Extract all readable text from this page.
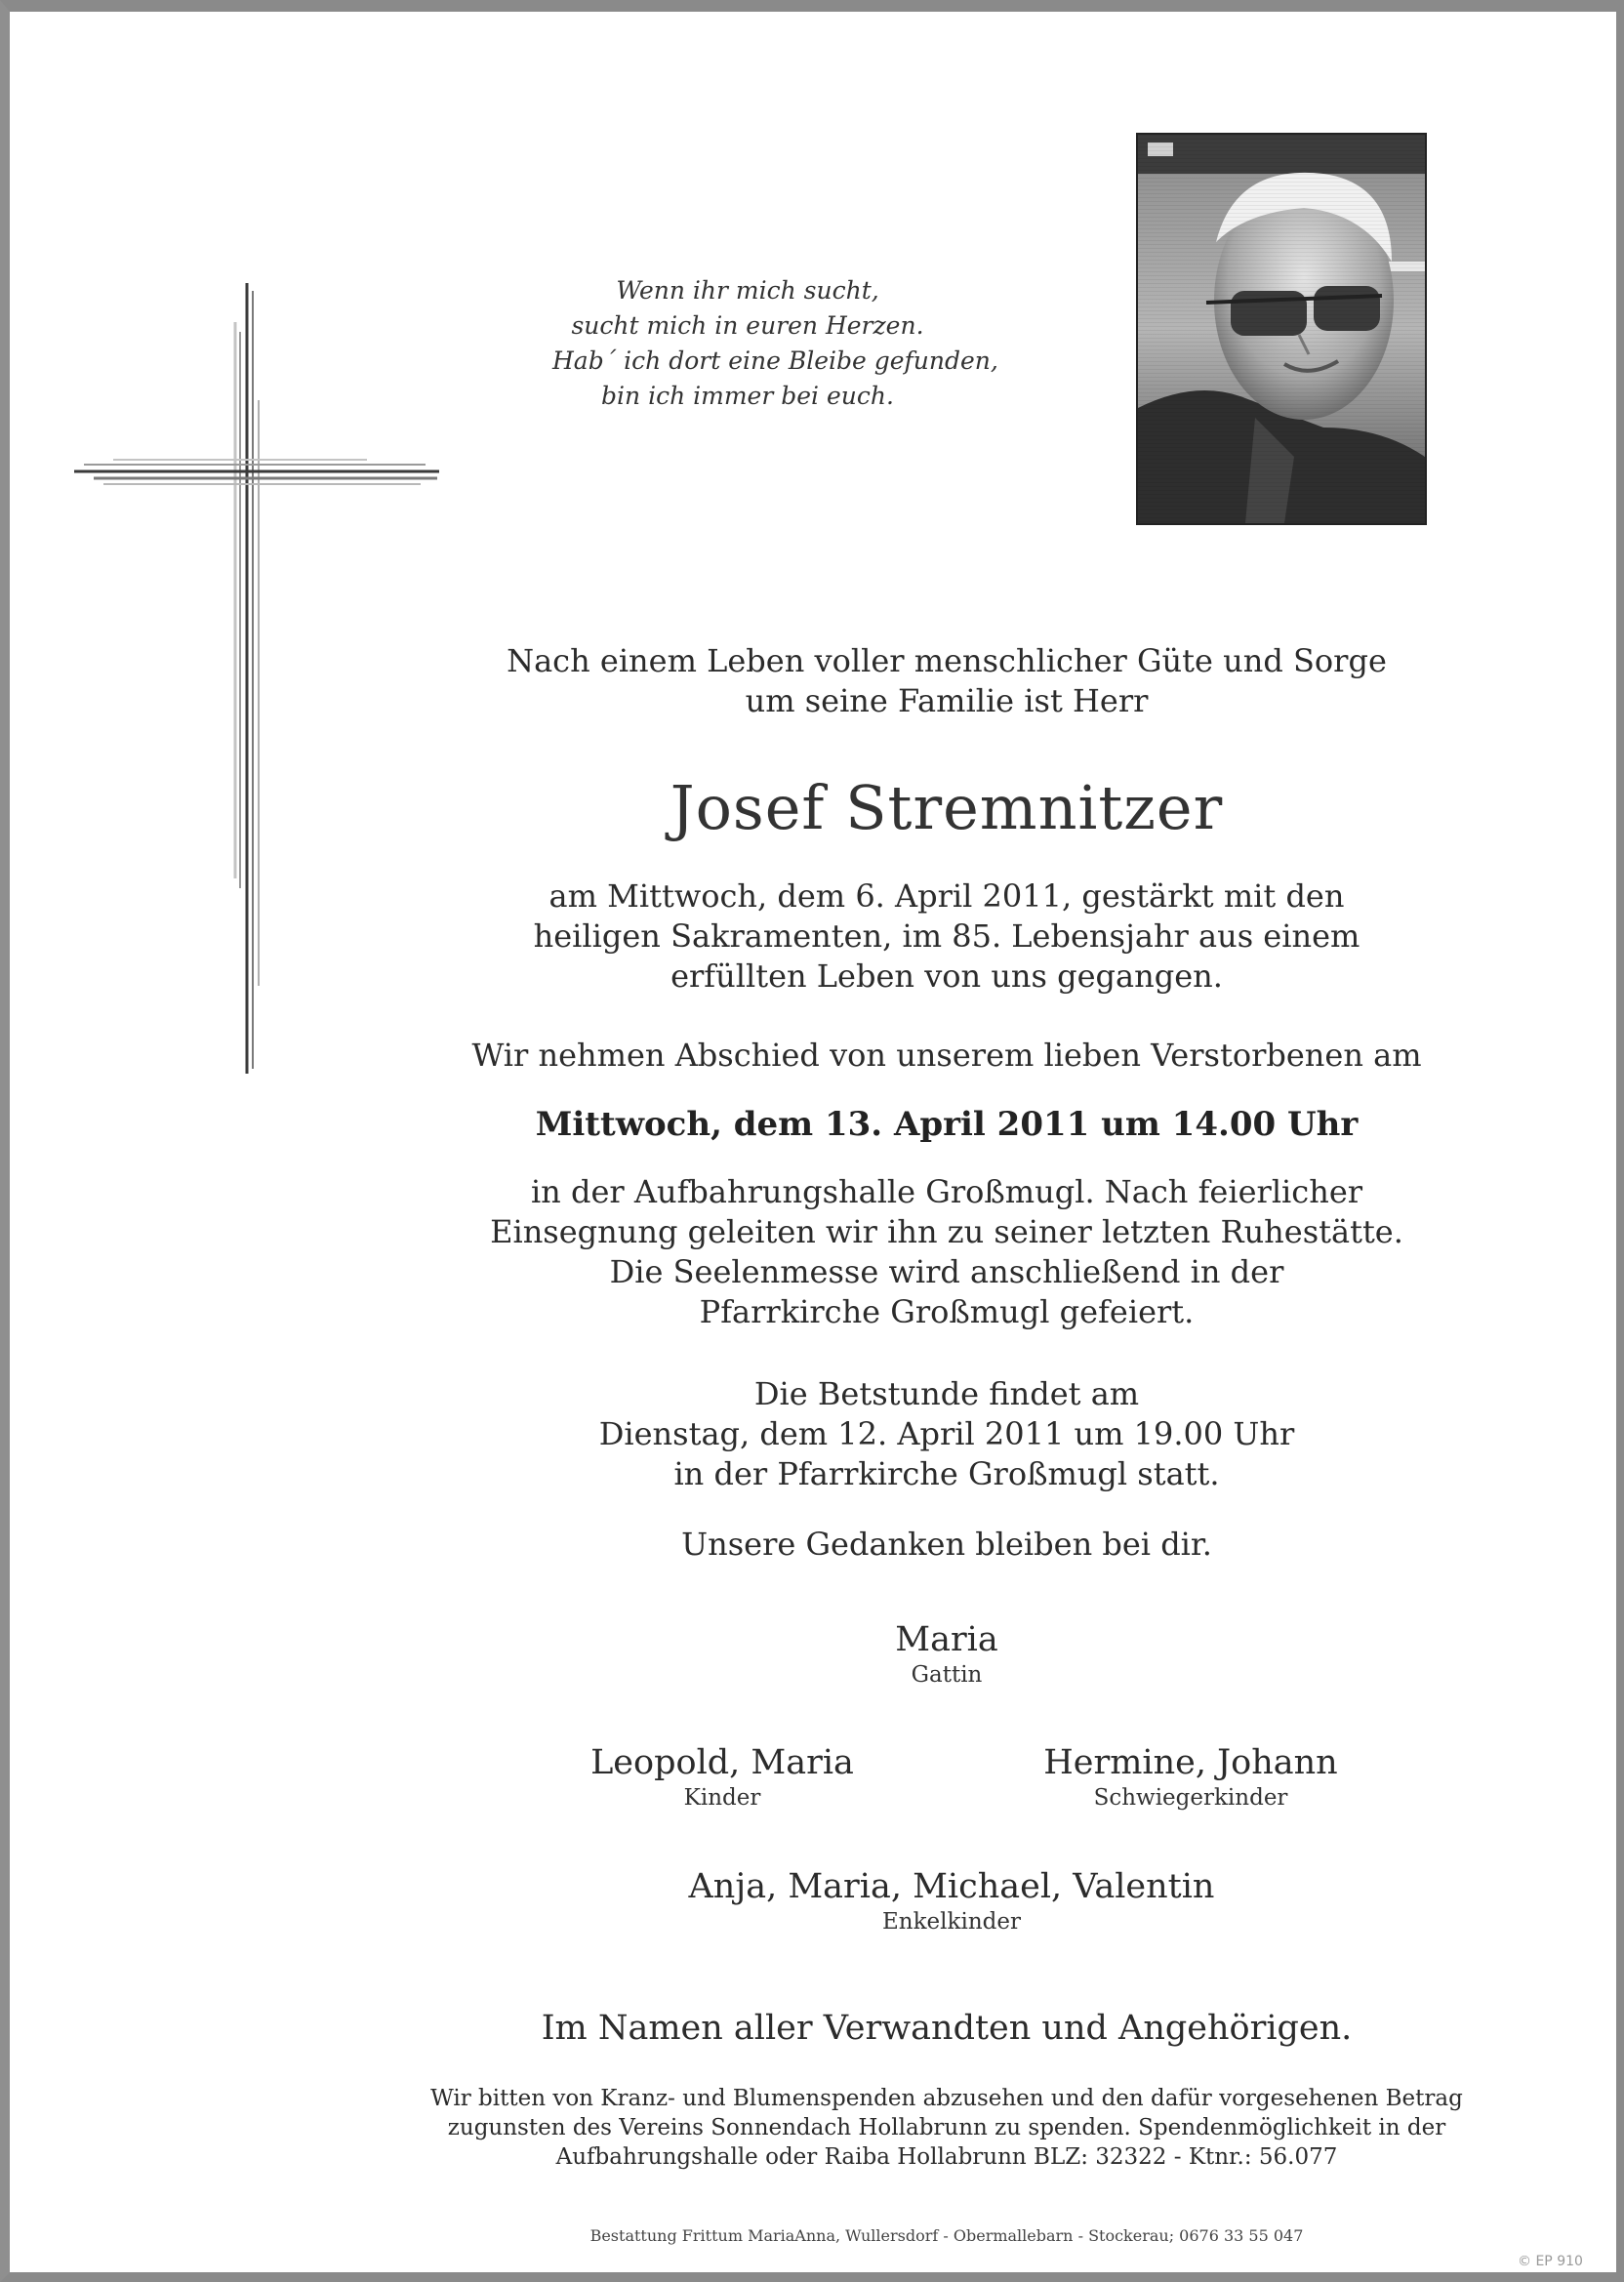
Wenn ihr mich sucht,
sucht mich in euren Herzen.
Hab´ ich dort eine Bleibe gefunden,
bin ich immer bei euch.
Nach einem Leben voller menschlicher Güte und Sorge
um seine Familie ist Herr
Josef Stremnitzer
am Mittwoch, dem 6. April 2011, gestärkt mit den
heiligen Sakramenten, im 85. Lebensjahr aus einem
erfüllten Leben von uns gegangen.
Wir nehmen Abschied von unserem lieben Verstorbenen am
Mittwoch, dem 13. April 2011 um 14.00 Uhr
in der Aufbahrungshalle Großmugl. Nach feierlicher
Einsegnung geleiten wir ihn zu seiner letzten Ruhestätte.
Die Seelenmesse wird anschließend in der
Pfarrkirche Großmugl gefeiert.
Die Betstunde findet am
Dienstag, dem 12. April 2011 um 19.00 Uhr
in der Pfarrkirche Großmugl statt.
Unsere Gedanken bleiben bei dir.
Maria
Gattin
Leopold, Maria
Kinder
Hermine, Johann
Schwiegerkinder
Anja, Maria, Michael, Valentin
Enkelkinder
Im Namen aller Verwandten und Angehörigen.
Wir bitten von Kranz- und Blumenspenden abzusehen und den dafür vorgesehenen Betrag
zugunsten des Vereins Sonnendach Hollabrunn zu spenden. Spendenmöglichkeit in der
Aufbahrungshalle oder Raiba Hollabrunn BLZ: 32322 - Ktnr.: 56.077
Bestattung Frittum MariaAnna, Wullersdorf - Obermallebarn - Stockerau; 0676 33 55 047
© EP 910
